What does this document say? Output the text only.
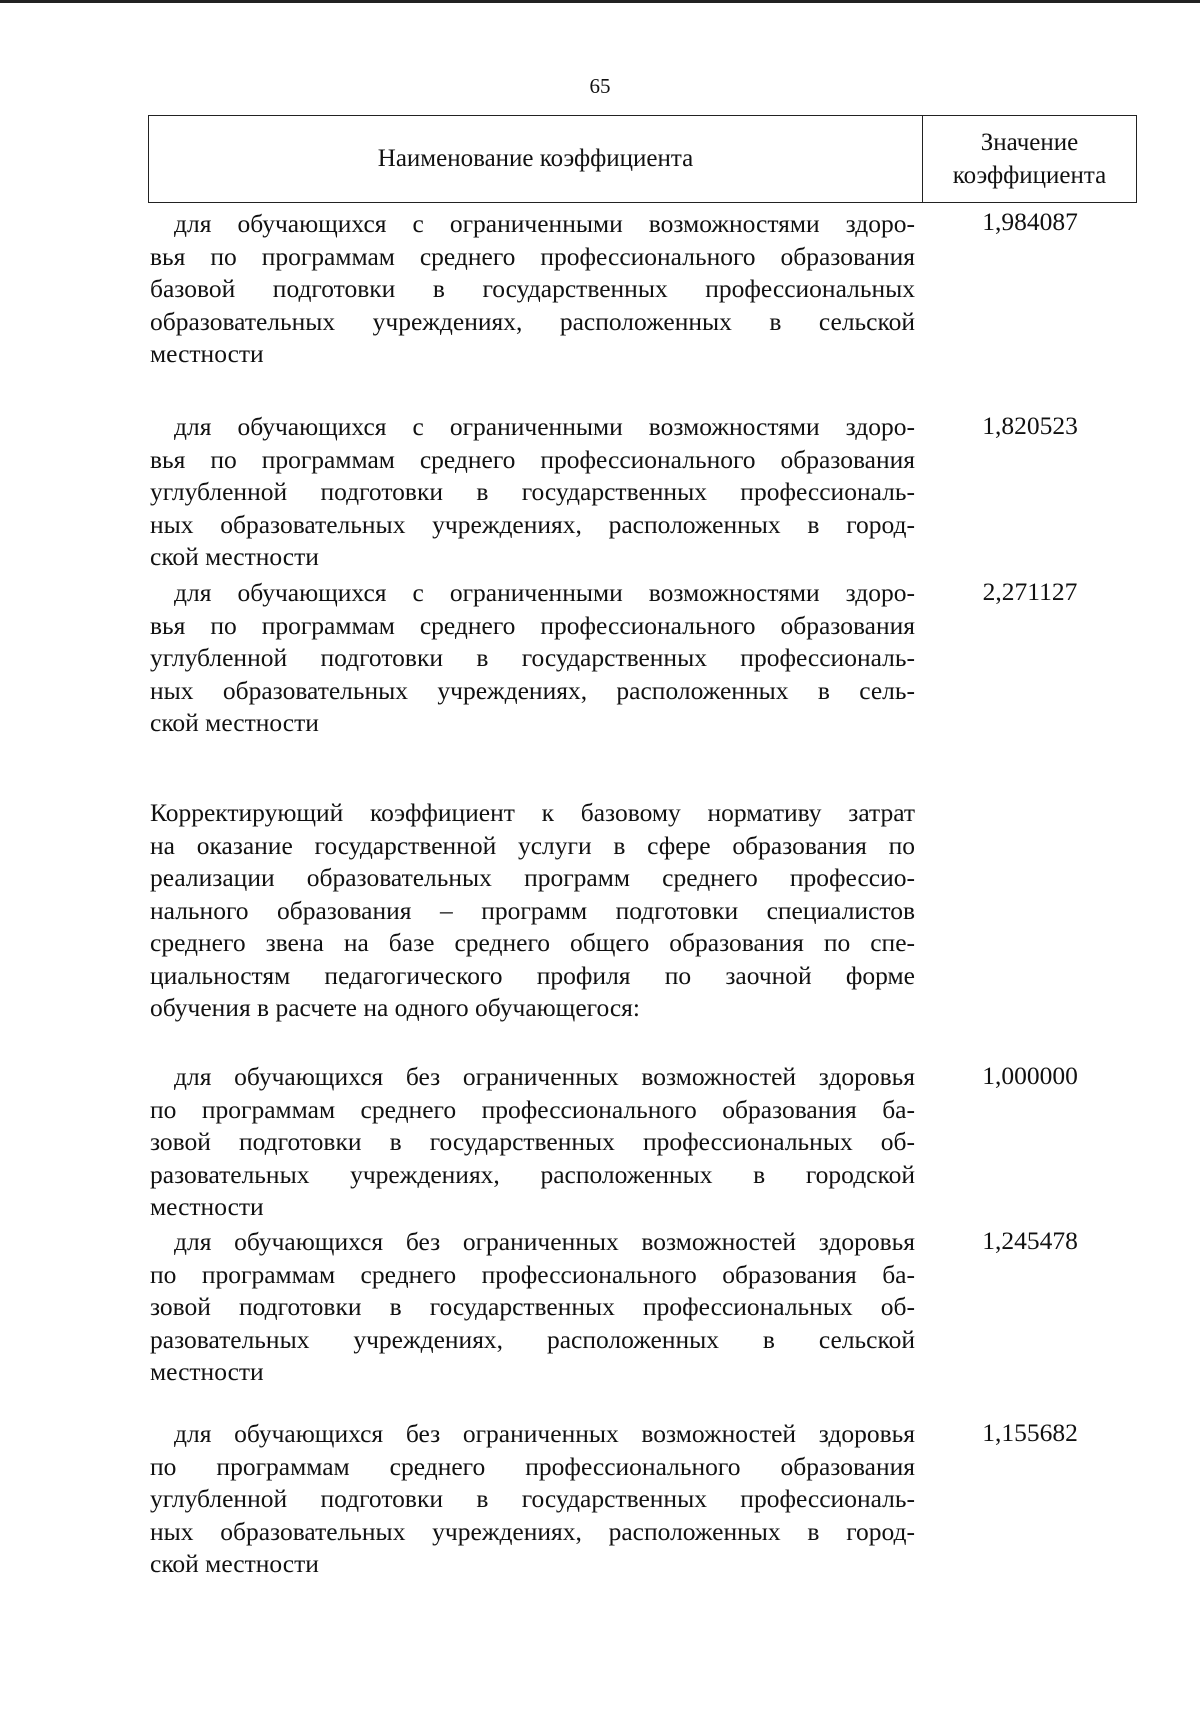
65
Наименование коэффициента
Значение коэффициента
для обучающихся с ограниченными возможностями здоро-
вья по программам среднего профессионального образования
базовой подготовки в государственных профессиональных
образовательных учреждениях, расположенных в сельской
местности
1,984087
для обучающихся с ограниченными возможностями здоро-
вья по программам среднего профессионального образования
углубленной подготовки в государственных профессиональ-
ных образовательных учреждениях, расположенных в город-
ской местности
1,820523
для обучающихся с ограниченными возможностями здоро-
вья по программам среднего профессионального образования
углубленной подготовки в государственных профессиональ-
ных образовательных учреждениях, расположенных в сель-
ской местности
2,271127
Корректирующий коэффициент к базовому нормативу затрат
на оказание государственной услуги в сфере образования по
реализации образовательных программ среднего профессио-
нального образования – программ подготовки специалистов
среднего звена на базе среднего общего образования по спе-
циальностям педагогического профиля по заочной форме
обучения в расчете на одного обучающегося:
для обучающихся без ограниченных возможностей здоровья
по программам среднего профессионального образования ба-
зовой подготовки в государственных профессиональных об-
разовательных учреждениях, расположенных в городской
местности
1,000000
для обучающихся без ограниченных возможностей здоровья
по программам среднего профессионального образования ба-
зовой подготовки в государственных профессиональных об-
разовательных учреждениях, расположенных в сельской
местности
1,245478
для обучающихся без ограниченных возможностей здоровья
по программам среднего профессионального образования
углубленной подготовки в государственных профессиональ-
ных образовательных учреждениях, расположенных в город-
ской местности
1,155682
